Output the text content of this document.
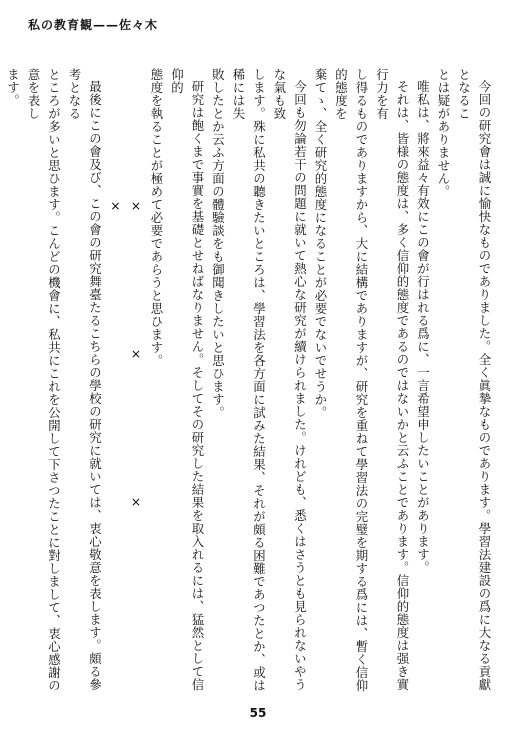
私の教育観——佐々木

今回の研究會は誠に愉快なものでありました。全く眞摯なものであります。學習法建設の爲に大なる貢獻となるこ

とは疑がありません。

唯私は、將來益々有效にこの會が行はれる爲に、一言希望申したいことがあります。

それは、皆様の態度は、多く信仰的態度であるのではないかと云ふことであります。信仰的態度は强き實行力を有

し得るものでありますから、大に結構でありますが、研究を重ねて學習法の完璧を期する爲には、暫く信仰的態度を

棄てゝ、全く研究的態度になることが必要でないでせうか。

今回も勿論若干の問題に就いて熱心な研究が續けられました。けれども、悉くはさうとも見られないやうな氣も致

します。殊に私共の聽きたいところは、學習法を各方面に試みた結果、それが頗る困難であつたとか、或は稀には失

敗したとか云ふ方面の體驗談をも御聞きしたいと思ひます。

研究は飽くまで事實を基礎とせねばなりません。そしてその研究した結果を取入れるには、猛然として信仰的

態度を執ることが極めて必要であらうと思ひます。

× × × ×

最後にこの會及び、この會の研究舞臺たるこちらの學校の研究に就いては、衷心敬意を表します。頗る參考となる

ところが多いと思ひます。こんどの機會に、私共にこれを公開して下さつたことに對しまして、衷心感謝の意を表し

ます。

55
